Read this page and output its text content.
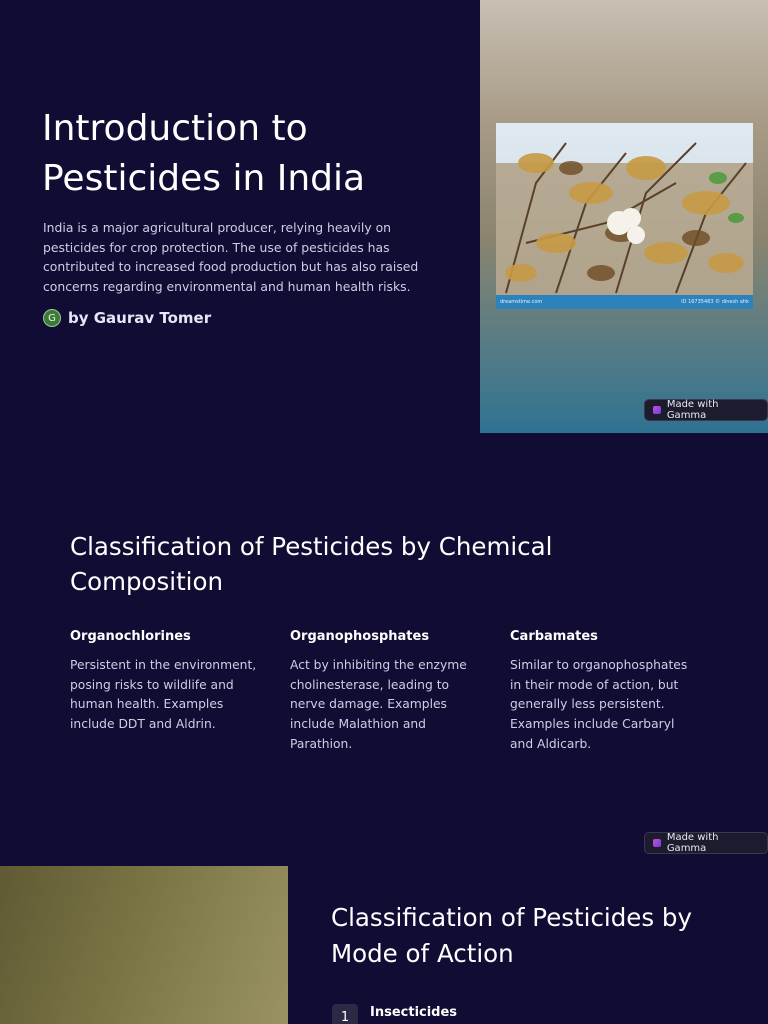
Introduction to Pesticides in India

India is a major agricultural producer, relying heavily on pesticides for crop protection. The use of pesticides has contributed to increased food production but has also raised concerns regarding environmental and human health risks.

G by Gaurav Tomer
dreamstime.com	ID 16735483 © dinesh ahk
Made with Gamma
Classification of Pesticides by Chemical Composition

Organochlorines

Persistent in the environment, posing risks to wildlife and human health. Examples include DDT and Aldrin.

Organophosphates

Act by inhibiting the enzyme cholinesterase, leading to nerve damage. Examples include Malathion and Parathion.

Carbamates

Similar to organophosphates in their mode of action, but generally less persistent. Examples include Carbaryl and Aldicarb.

Made with Gamma
Classification of Pesticides by Mode of Action
1	Insecticides
